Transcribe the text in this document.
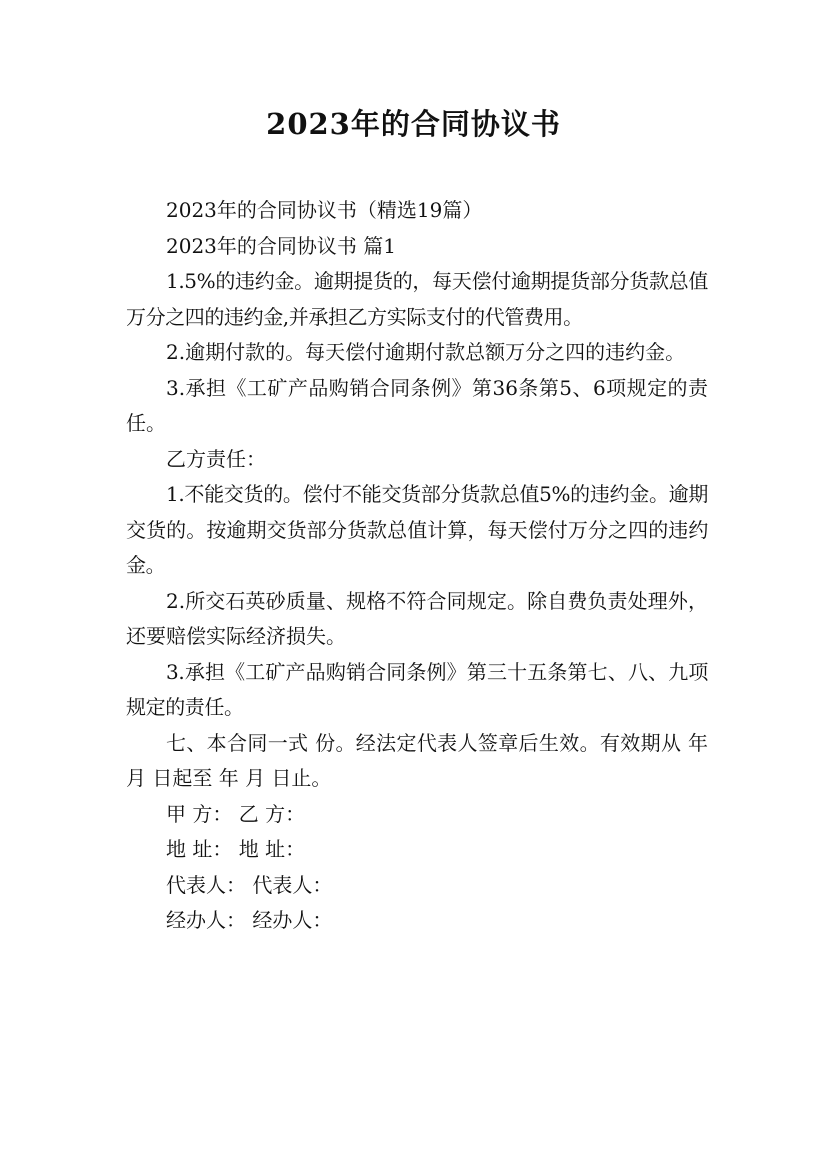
2023年的合同协议书

2023年的合同协议书（精选19篇）

2023年的合同协议书 篇1

1.5%的违约金。逾期提货的，每天偿付逾期提货部分货款总值万分之四的违约金,并承担乙方实际支付的代管费用。

2.逾期付款的。每天偿付逾期付款总额万分之四的违约金。

3.承担《工矿产品购销合同条例》第36条第5、6项规定的责任。

乙方责任：

1.不能交货的。偿付不能交货部分货款总值5%的违约金。逾期交货的。按逾期交货部分货款总值计算，每天偿付万分之四的违约金。

2.所交石英砂质量、规格不符合同规定。除自费负责处理外，还要赔偿实际经济损失。

3.承担《工矿产品购销合同条例》第三十五条第七、八、九项规定的责任。

七、本合同一式 份。经法定代表人签章后生效。有效期从 年 月 日起至 年 月 日止。

甲 方： 乙 方：

地 址： 地 址：

代表人： 代表人：

经办人： 经办人：
